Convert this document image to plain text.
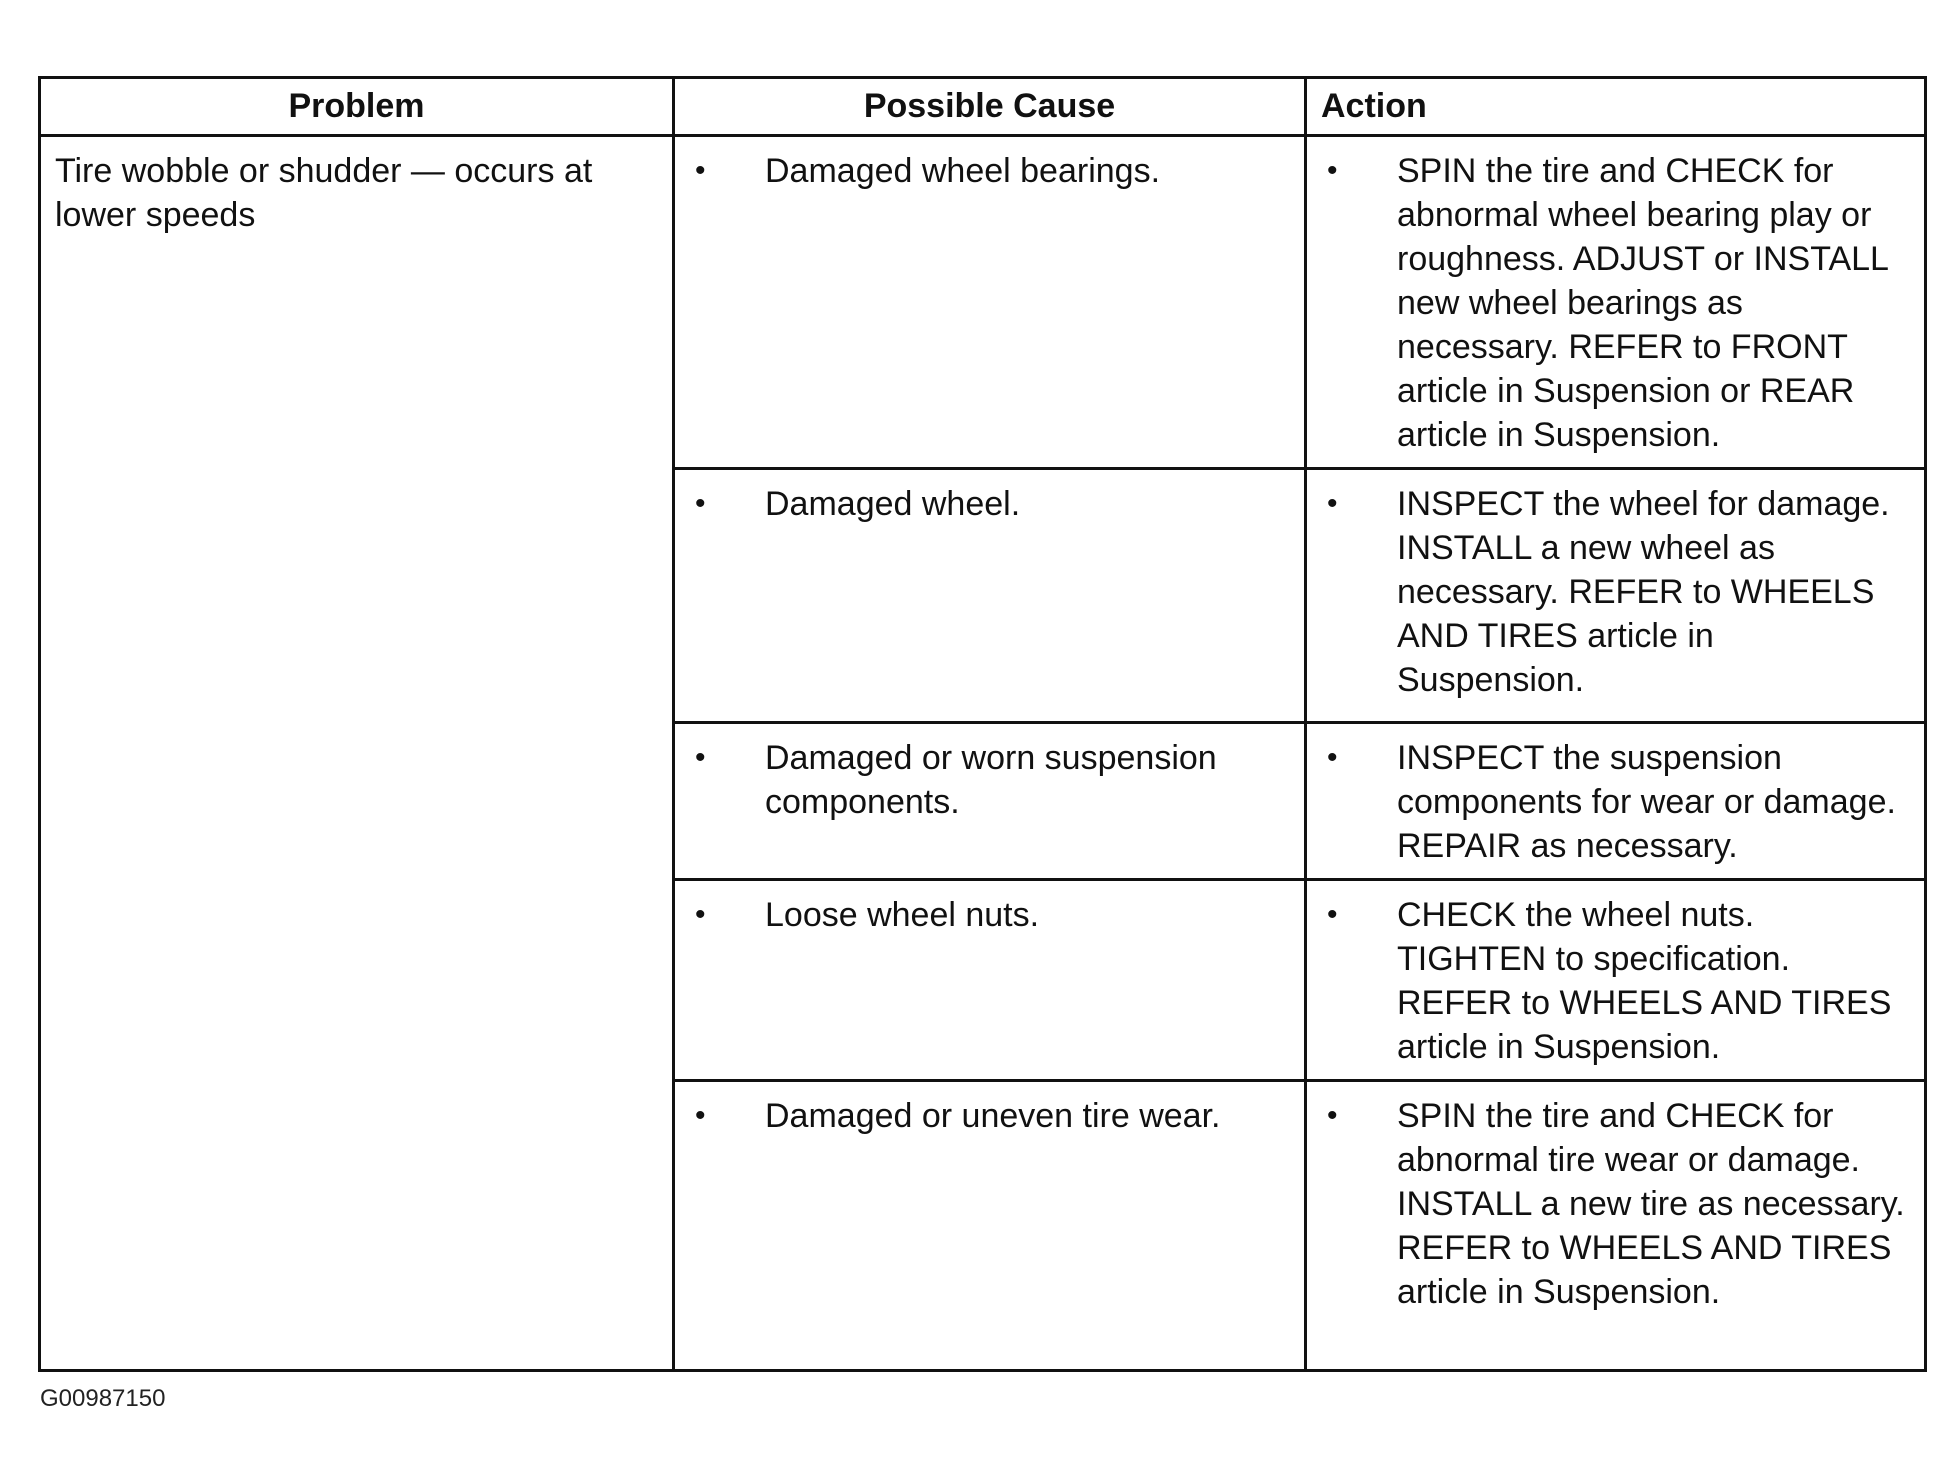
Problem	Possible Cause	Action
Tire wobble or shudder — occurs at lower speeds	• Damaged wheel bearings.	• SPIN the tire and CHECK for abnormal wheel bearing play or roughness. ADJUST or INSTALL new wheel bearings as necessary. REFER to FRONT article in Suspension or REAR article in Suspension.

	• Damaged wheel.	• INSPECT the wheel for damage. INSTALL a new wheel as necessary. REFER to WHEELS AND TIRES article in Suspension.

	• Damaged or worn suspension components.	• INSPECT the suspension components for wear or damage. REPAIR as necessary.

	• Loose wheel nuts.	• CHECK the wheel nuts. TIGHTEN to specification. REFER to WHEELS AND TIRES article in Suspension.

	• Damaged or uneven tire wear.	• SPIN the tire and CHECK for abnormal tire wear or damage. INSTALL a new tire as necessary. REFER to WHEELS AND TIRES article in Suspension.
G00987150
